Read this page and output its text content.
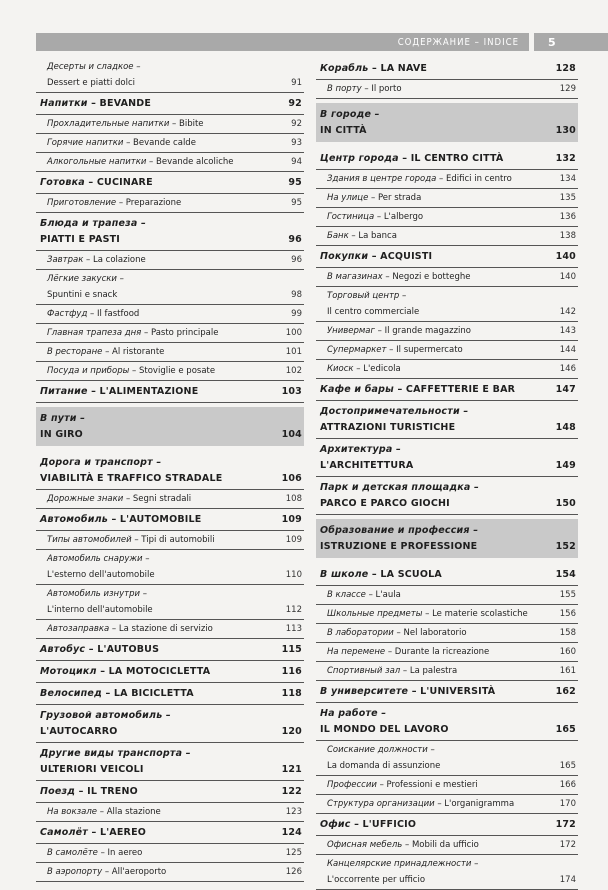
СОДЕРЖАНИЕ – INDICE	5
Десерты и сладкое –
Dessert e piatti dolci	91
Напитки – BEVANDE	92
Прохладительные напитки – Bibite	92
Горячие напитки – Bevande calde	93
Алкогольные напитки – Bevande alcoliche	94
Готовка – CUCINARE	95
Приготовление – Preparazione	95
Блюда и трапеза –
PIATTI E PASTI	96
Завтрак – La colazione	96
Лёгкие закуски –
Spuntini e snack	98
Фастфуд – Il fastfood	99
Главная трапеза дня – Pasto principale	100
В ресторане – Al ristorante	101
Посуда и приборы – Stoviglie e posate	102
Питание – L'ALIMENTAZIONE	103
В пути –
IN GIRO	104
Дорога и транспорт –
VIABILITÀ E TRAFFICO STRADALE	106
Дорожные знаки – Segni stradali	108
Автомобиль – L'AUTOMOBILE	109
Типы автомобилей – Tipi di automobili	109
Автомобиль снаружи –
L'esterno dell'automobile	110
Автомобиль изнутри –
L'interno dell'automobile	112
Автозаправка – La stazione di servizio	113
Автобус – L'AUTOBUS	115
Мотоцикл – LA MOTOCICLETTA	116
Велосипед – LA BICICLETTA	118
Грузовой автомобиль –
L'AUTOCARRO	120
Другие виды транспорта –
ULTERIORI VEICOLI	121
Поезд – IL TRENO	122
На вокзале – Alla stazione	123
Самолёт – L'AEREO	124
В самолёте – In aereo	125
В аэропорту – All'aeroporto	126
Корабль – LA NAVE	128
В порту – Il porto	129
В городе –
IN CITTÀ	130
Центр города – IL CENTRO CITTÀ	132
Здания в центре города – Edifici in centro	134
На улице – Per strada	135
Гостиница – L'albergo	136
Банк – La banca	138
Покупки – ACQUISTI	140
В магазинах – Negozi e botteghe	140
Торговый центр –
Il centro commerciale	142
Универмаг – Il grande magazzino	143
Супермаркет – Il supermercato	144
Киоск – L'edicola	146
Кафе и бары – CAFFETTERIE E BAR	147
Достопримечательности –
ATTRAZIONI TURISTICHE	148
Архитектура –
L'ARCHITETTURA	149
Парк и детская площадка –
PARCO E PARCO GIOCHI	150
Образование и профессия –
ISTRUZIONE E PROFESSIONE	152
В школе – LA SCUOLA	154
В классе – L'aula	155
Школьные предметы – Le materie scolastiche	156
В лаборатории – Nel laboratorio	158
На перемене – Durante la ricreazione	160
Спортивный зал – La palestra	161
В университете – L'UNIVERSITÀ	162
На работе –
IL MONDO DEL LAVORO	165
Соискание должности –
La domanda di assunzione	165
Профессии – Professioni e mestieri	166
Структура организации – L'organigramma	170
Офис – L'UFFICIO	172
Офисная мебель – Mobili da ufficio	172
Канцелярские принадлежности –
L'occorrente per ufficio	174
